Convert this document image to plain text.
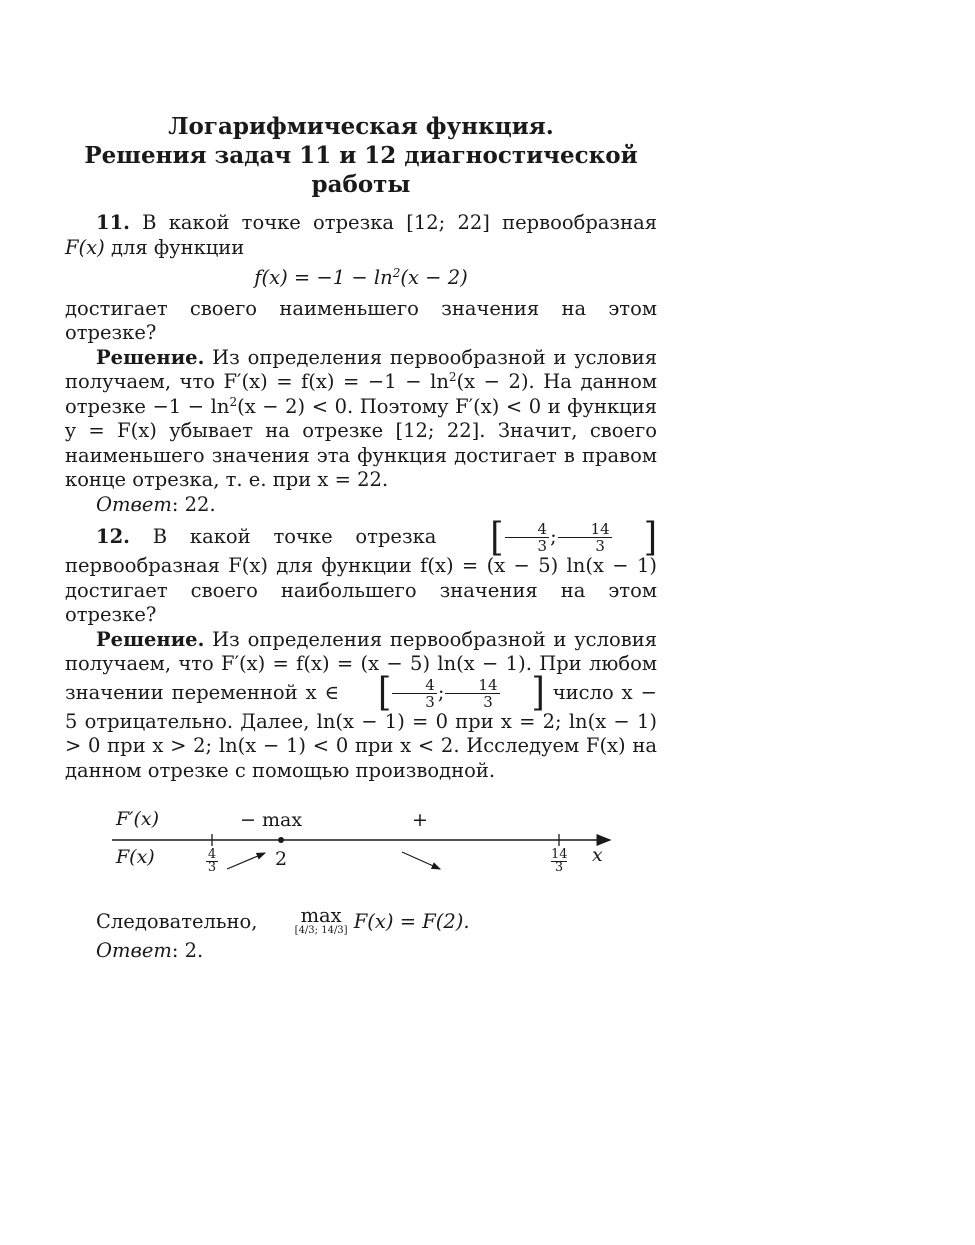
Логарифмическая функция.
Решения задач 11 и 12 диагностической работы

11. В какой точке отрезка [12; 22] первообразная F(x) для функции

$f(x) = -1 - \ln^2(x - 2)$

достигает своего наименьшего значения на этом отрезке?

Решение. Из определения первообразной и условия получаем, что $F'(x) = f(x) = -1 - \ln^2(x - 2)$. На данном отрезке $-1 - \ln^2(x - 2) < 0$. Поэтому F′(x) < 0 и функция y = F(x) убывает на отрезке [12; 22]. Значит, своего наименьшего значения эта функция достигает в правом конце отрезка, т. е. при x = 22.

Ответ: 22.

12. В какой точке отрезка [ $\frac{4}{3}$ ; $\frac{14}{3}$ ] первообразная F(x) для функции f(x) = (x − 5) ln(x − 1) достигает своего наибольшего значения на этом отрезке?

Решение. Из определения первообразной и условия получаем, что F′(x) = f(x) = (x − 5) ln(x − 1). При любом значении переменной x ∈ [ $\frac{4}{3}$ ; $\frac{14}{3}$ ] число x − 5 отрицательно. Далее, ln(x − 1) = 0 при x = 2; ln(x − 1) > 0 при x > 2; ln(x − 1) < 0 при x < 2. Исследуем F(x) на данном отрезке с помощью производной.

F′(x)
F(x)
− max	+
4
3	2	14
3
x

Следовательно, max
[4/3; 14/3] F(x) = F(2).

Ответ: 2.
